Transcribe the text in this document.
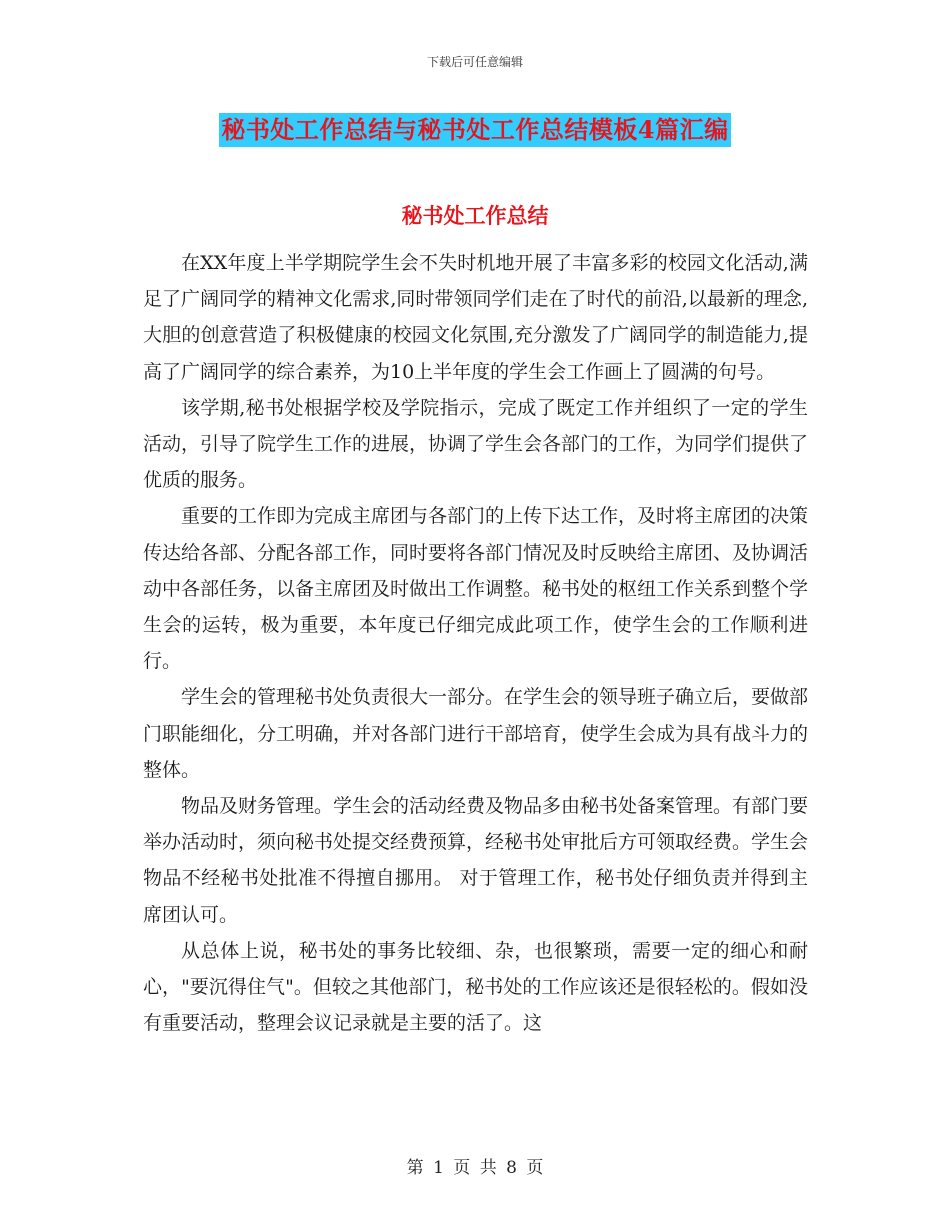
下载后可任意编辑
秘书处工作总结与秘书处工作总结模板4篇汇编
秘书处工作总结

在XX年度上半学期院学生会不失时机地开展了丰富多彩的校园文化活动,满足了广阔同学的精神文化需求,同时带领同学们走在了时代的前沿,以最新的理念,大胆的创意营造了积极健康的校园文化氛围,充分激发了广阔同学的制造能力,提高了广阔同学的综合素养，为10上半年度的学生会工作画上了圆满的句号。

该学期,秘书处根据学校及学院指示，完成了既定工作并组织了一定的学生活动，引导了院学生工作的进展，协调了学生会各部门的工作，为同学们提供了优质的服务。

重要的工作即为完成主席团与各部门的上传下达工作，及时将主席团的决策传达给各部、分配各部工作，同时要将各部门情况及时反映给主席团、及协调活动中各部任务，以备主席团及时做出工作调整。秘书处的枢纽工作关系到整个学生会的运转，极为重要，本年度已仔细完成此项工作，使学生会的工作顺利进行。

学生会的管理秘书处负责很大一部分。在学生会的领导班子确立后，要做部门职能细化，分工明确，并对各部门进行干部培育，使学生会成为具有战斗力的整体。

物品及财务管理。学生会的活动经费及物品多由秘书处备案管理。有部门要举办活动时，须向秘书处提交经费预算，经秘书处审批后方可领取经费。学生会物品不经秘书处批准不得擅自挪用。 对于管理工作，秘书处仔细负责并得到主席团认可。

从总体上说，秘书处的事务比较细、杂，也很繁琐，需要一定的细心和耐心，"要沉得住气"。但较之其他部门，秘书处的工作应该还是很轻松的。假如没有重要活动，整理会议记录就是主要的活了。这

第 1 页 共 8 页
